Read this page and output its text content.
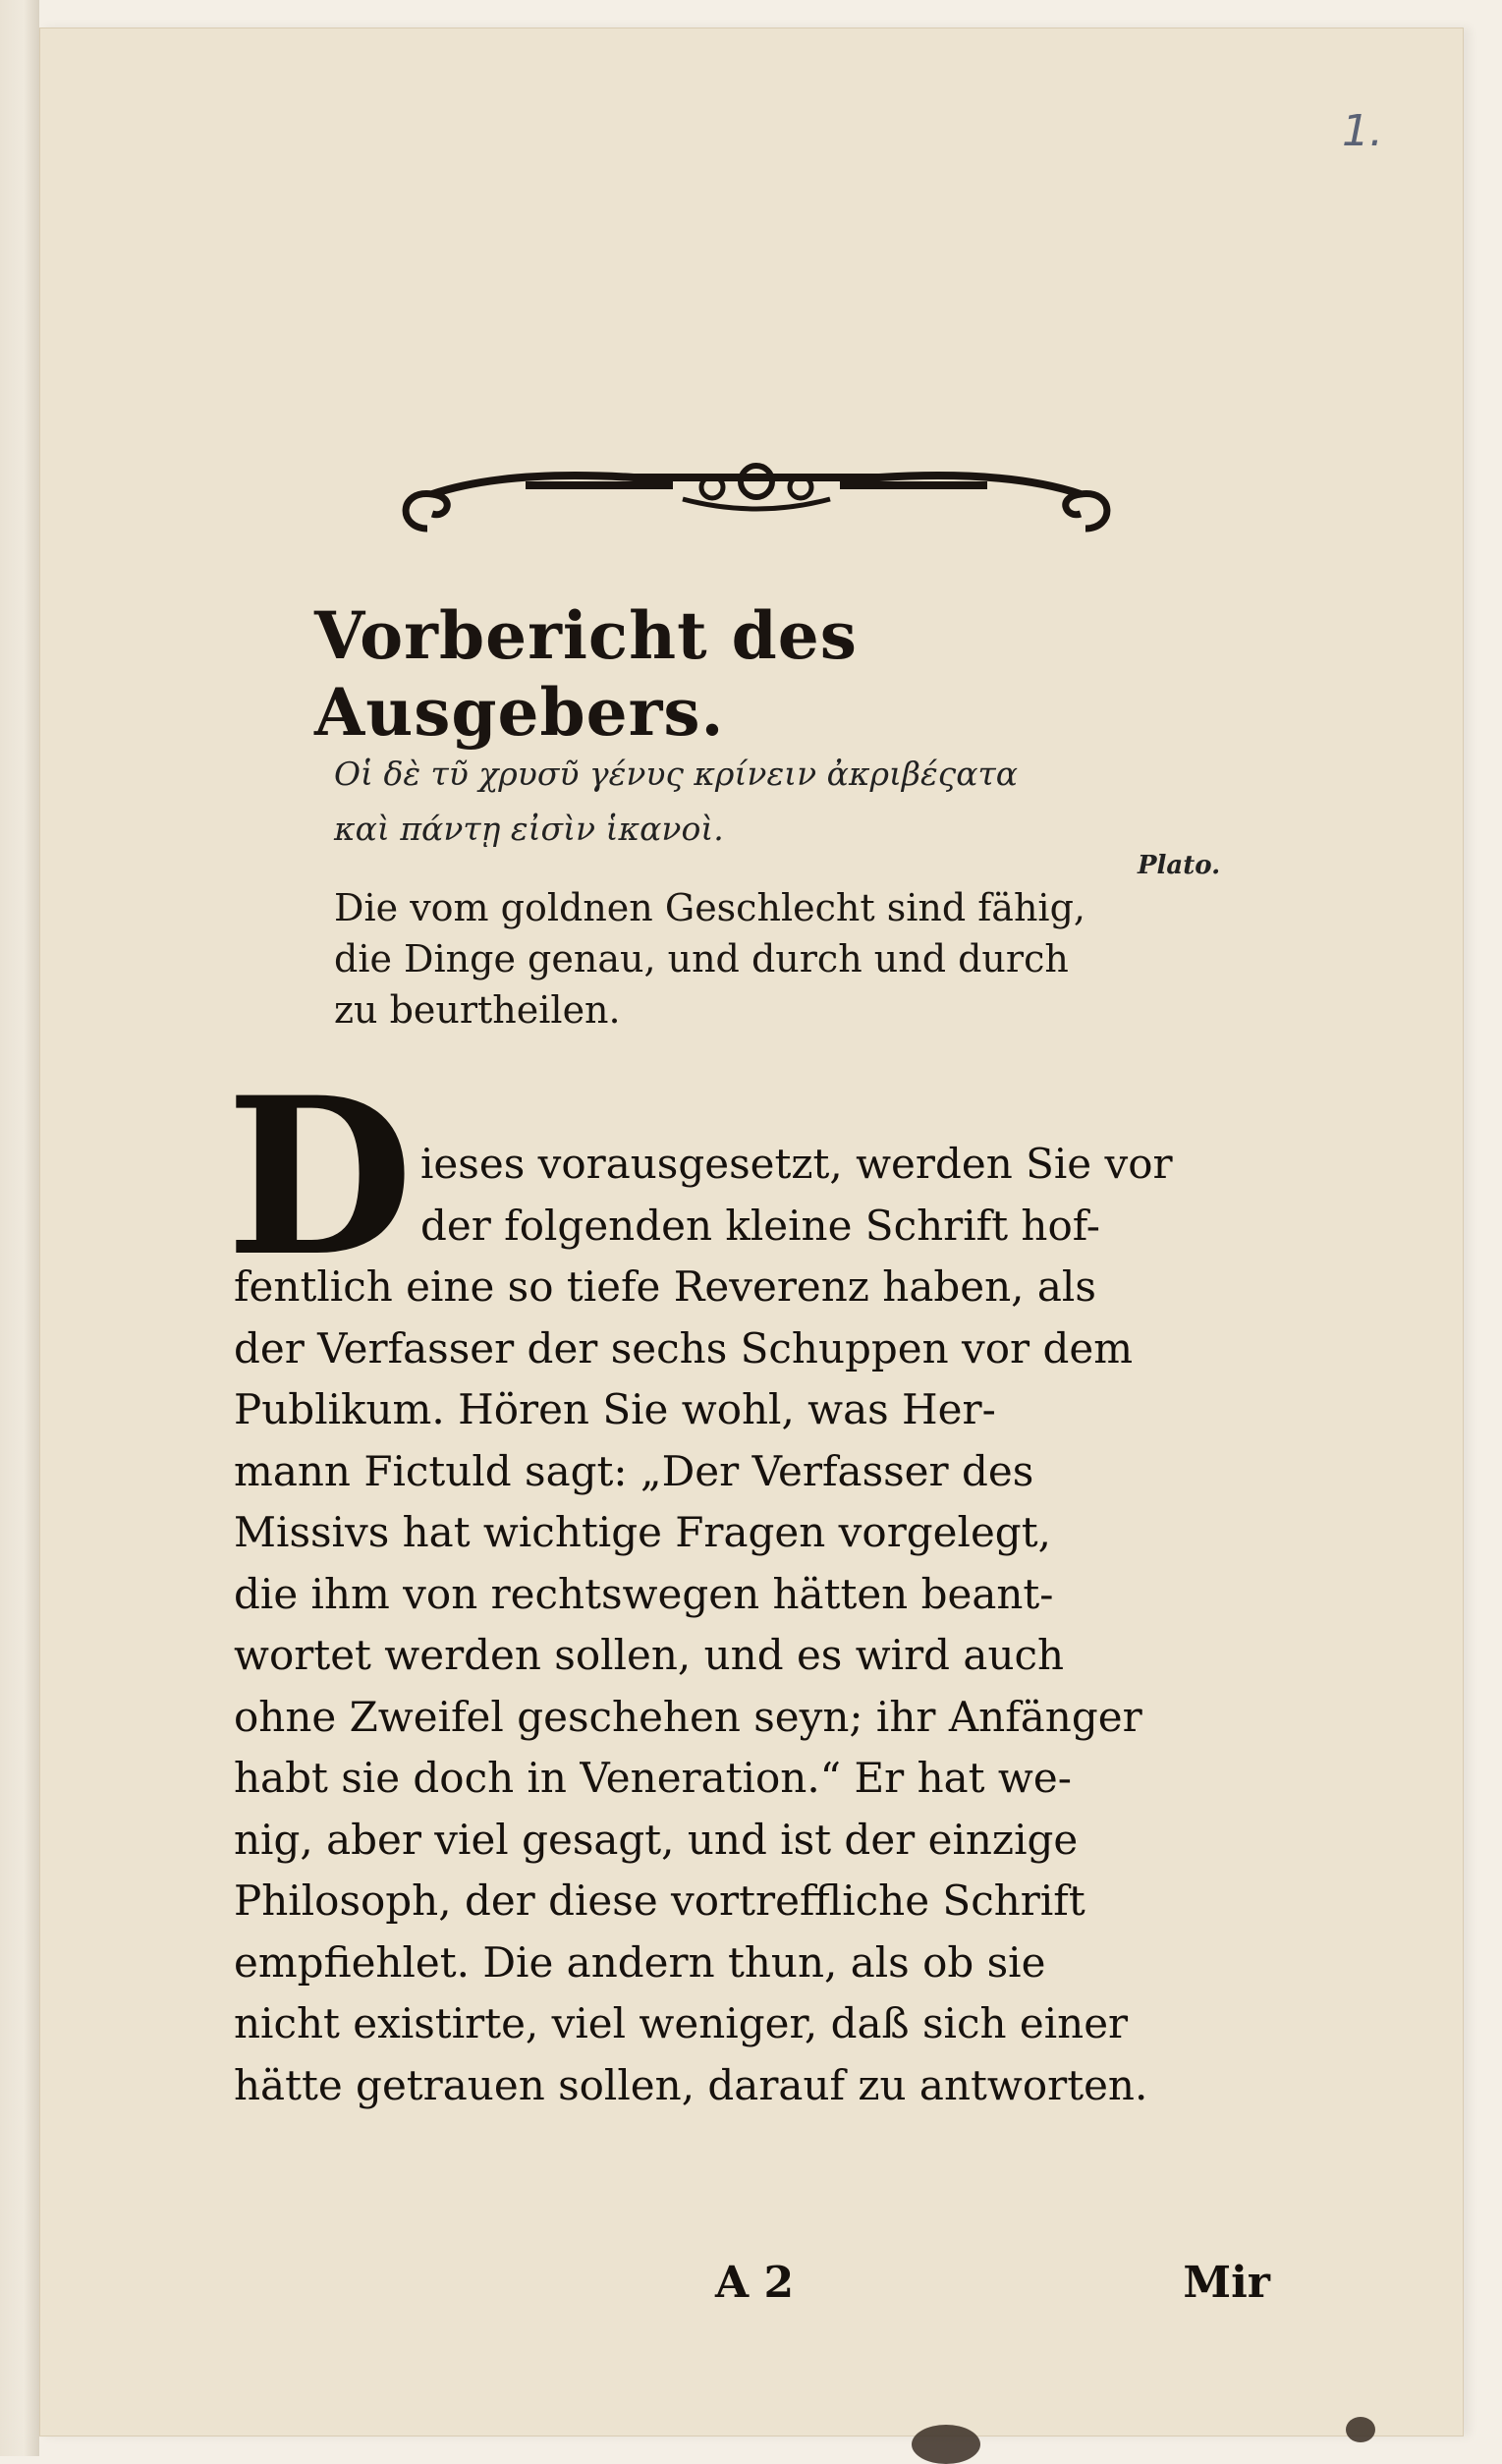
1.
Vorbericht des Ausgebers.
Οἱ δὲ τῦ χρυσῦ γένυς κρίνειν ἀκριβέςατα
καὶ πάντῃ εἰσὶν ἱκανοὶ.
Plato.
Die vom goldnen Geschlecht sind fähig,
die Dinge genau, und durch und durch
zu beurtheilen.
D ieses vorausgesetzt, werden Sie vor
der folgenden kleine Schrift hof-
fentlich eine so tiefe Reverenz haben, als
der Verfasser der sechs Schuppen vor dem
Publikum. Hören Sie wohl, was Her-
mann Fictuld sagt: „Der Verfasser des
Missivs hat wichtige Fragen vorgelegt,
die ihm von rechtswegen hätten beant-
wortet werden sollen, und es wird auch
ohne Zweifel geschehen seyn; ihr Anfänger
habt sie doch in Veneration.“ Er hat we-
nig, aber viel gesagt, und ist der einzige
Philosoph, der diese vortreffliche Schrift
empfiehlet. Die andern thun, als ob sie
nicht existirte, viel weniger, daß sich einer
hätte getrauen sollen, darauf zu antworten.
A 2	Mir
